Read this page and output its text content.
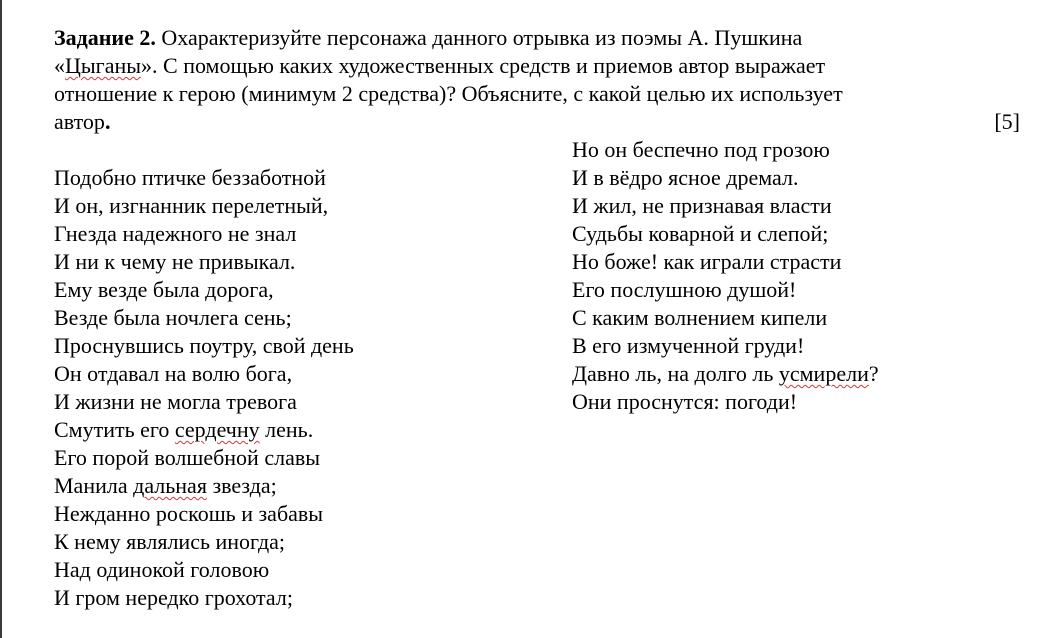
Задание 2. Охарактеризуйте персонажа данного отрывка из поэмы А. Пушкина
«Цыганы». С помощью каких художественных средств и приемов автор выражает
отношение к герою (минимум 2 средства)? Объясните, с какой целью их использует
автор.	[5]
Подобно птичке беззаботной
И он, изгнанник перелетный,
Гнезда надежного не знал
И ни к чему не привыкал.
Ему везде была дорога,
Везде была ночлега сень;
Проснувшись поутру, свой день
Он отдавал на волю бога,
И жизни не могла тревога
Смутить его сердечну лень.
Его порой волшебной славы
Манила дальная звезда;
Нежданно роскошь и забавы
К нему являлись иногда;
Над одинокой головою
И гром нередко грохотал;
Но он беспечно под грозою
И в вёдро ясное дремал.
И жил, не признавая власти
Судьбы коварной и слепой;
Но боже! как играли страсти
Его послушною душой!
С каким волнением кипели
В его измученной груди!
Давно ль, на долго ль усмирели?
Они проснутся: погоди!
